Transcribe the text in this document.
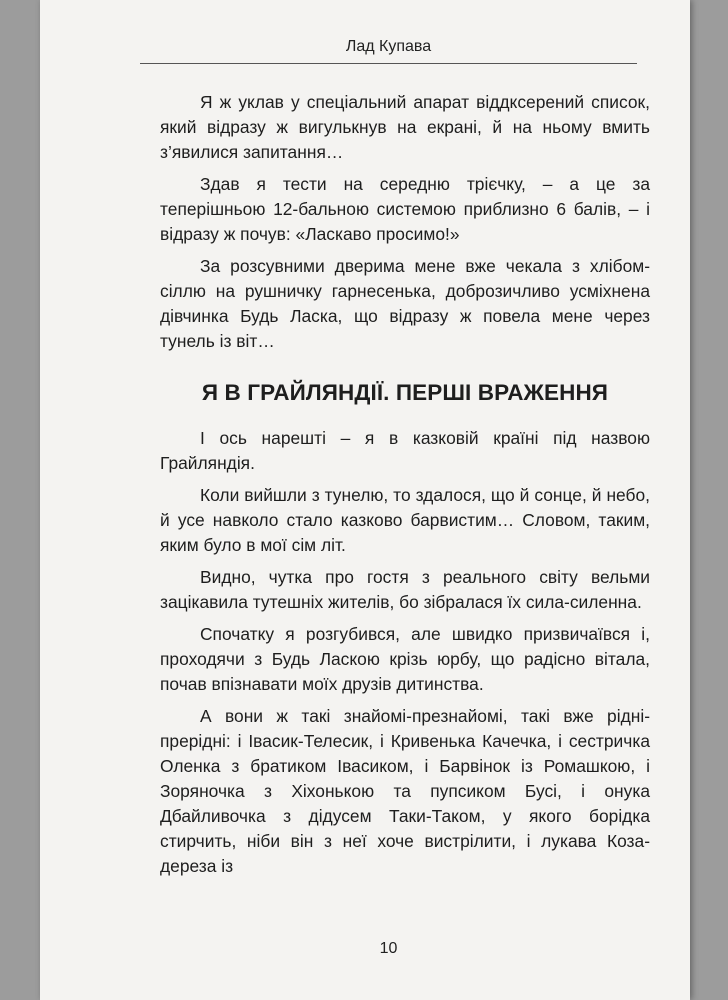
Лад Купава

Я ж уклав у спеціальний апарат віддксерений список, який відразу ж вигулькнув на екрані, й на ньому вмить з’явилися запитання…

Здав я тести на середню трієчку, – а це за теперішньою 12-бальною системою приблизно 6 балів, – і відразу ж почув: «Ласкаво просимо!»

За розсувними дверима мене вже чекала з хлібом-сіллю на рушничку гарнесенька, доброзичливо усміхнена дівчинка Будь Ласка, що відразу ж повела мене через тунель із віт…

Я В ГРАЙЛЯНДІЇ. ПЕРШІ ВРАЖЕННЯ

І ось нарешті – я в казковій країні під назвою Грайляндія.

Коли вийшли з тунелю, то здалося, що й сонце, й небо, й усе навколо стало казково барвистим… Словом, таким, яким було в мої сім літ.

Видно, чутка про гостя з реального світу вельми зацікавила тутешніх жителів, бо зібралася їх сила-силенна.

Спочатку я розгубився, але швидко призвичаївся і, проходячи з Будь Ласкою крізь юрбу, що радісно вітала, почав впізнавати моїх друзів дитинства.

А вони ж такі знайомі-презнайомі, такі вже рідні-прерідні: і Івасик-Телесик, і Кривенька Качечка, і сестричка Оленка з братиком Івасиком, і Барвінок із Ромашкою, і Зоряночка з Хіхонькою та пупсиком Бусі, і онука Дбайливочка з дідусем Таки-Таком, у якого борідка стирчить, ніби він з неї хоче вистрілити, і лукава Коза-дереза із

10
